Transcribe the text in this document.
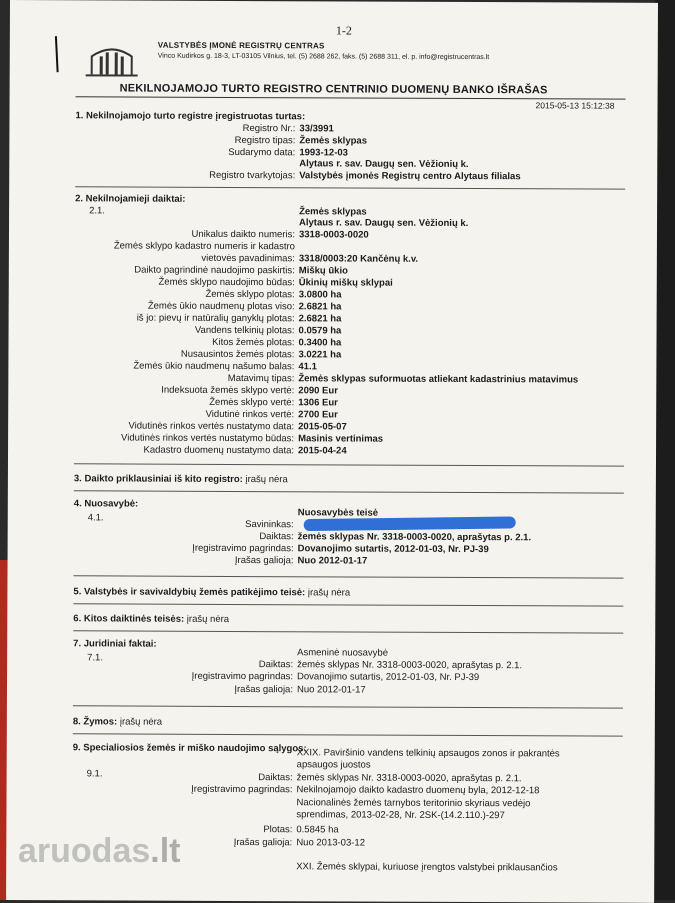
1-2
VALSTYBĖS ĮMONĖ REGISTRŲ CENTRAS
Vinco Kudirkos g. 18-3, LT-03105 Vilnius, tel. (5) 2688 262, faks. (5) 2688 311, el. p. info@registrucentras.lt
NEKILNOJAMOJO TURTO REGISTRO CENTRINIO DUOMENŲ BANKO IŠRAŠAS
2015-05-13 15:12:38
1. Nekilnojamojo turto registre įregistruotas turtas:
Registro Nr.: 33/3991
Registro tipas: Žemės sklypas
Sudarymo data: 1993-12-03
Alytaus r. sav. Daugų sen. Vėžionių k.
Registro tvarkytojas: Valstybės įmonės Registrų centro Alytaus filialas
2. Nekilnojamieji daiktai:
2.1.	Žemės sklypas
Alytaus r. sav. Daugų sen. Vėžionių k.
Unikalus daikto numeris: 3318-0003-0020
Žemės sklypo kadastro numeris ir kadastro
vietovės pavadinimas: 3318/0003:20 Kančėnų k.v.
Daikto pagrindinė naudojimo paskirtis: Miškų ūkio
Žemės sklypo naudojimo būdas: Ūkinių miškų sklypai
Žemės sklypo plotas: 3.0800 ha
Žemės ūkio naudmenų plotas viso: 2.6821 ha
iš jo: pievų ir natūralių ganyklų plotas: 2.6821 ha
Vandens telkinių plotas: 0.0579 ha
Kitos žemės plotas: 0.3400 ha
Nusausintos žemės plotas: 3.0221 ha
Žemės ūkio naudmenų našumo balas: 41.1
Matavimų tipas: Žemės sklypas suformuotas atliekant kadastrinius matavimus
Indeksuota žemės sklypo vertė: 2090 Eur
Žemės sklypo vertė: 1306 Eur
Vidutinė rinkos vertė: 2700 Eur
Vidutinės rinkos vertės nustatymo data: 2015-05-07
Vidutinės rinkos vertės nustatymo būdas: Masinis vertinimas
Kadastro duomenų nustatymo data: 2015-04-24
3. Daikto priklausiniai iš kito registro: įrašų nėra
4. Nuosavybė:
4.1.	Nuosavybės teisė
Savininkas:
Daiktas: žemės sklypas Nr. 3318-0003-0020, aprašytas p. 2.1.
Įregistravimo pagrindas: Dovanojimo sutartis, 2012-01-03, Nr. PJ-39
Įrašas galioja: Nuo 2012-01-17
5. Valstybės ir savivaldybių žemės patikėjimo teisė: įrašų nėra
6. Kitos daiktinės teisės: įrašų nėra
7. Juridiniai faktai:
7.1.	Asmeninė nuosavybė
Daiktas: žemės sklypas Nr. 3318-0003-0020, aprašytas p. 2.1.
Įregistravimo pagrindas: Dovanojimo sutartis, 2012-01-03, Nr. PJ-39
Įrašas galioja: Nuo 2012-01-17
8. Žymos: įrašų nėra
9. Specialiosios žemės ir miško naudojimo sąlygos:
9.1.
XXIX. Paviršinio vandens telkinių apsaugos zonos ir pakrantės
apsaugos juostos
Daiktas: žemės sklypas Nr. 3318-0003-0020, aprašytas p. 2.1.
Įregistravimo pagrindas: Nekilnojamojo daikto kadastro duomenų byla, 2012-12-18
Nacionalinės žemės tarnybos teritorinio skyriaus vedėjo
sprendimas, 2013-02-28, Nr. 2SK-(14.2.110.)-297
Plotas: 0.5845 ha
Įrašas galioja: Nuo 2013-03-12
XXI. Žemės sklypai, kuriuose įrengtos valstybei priklausančios
aruodas.lt
